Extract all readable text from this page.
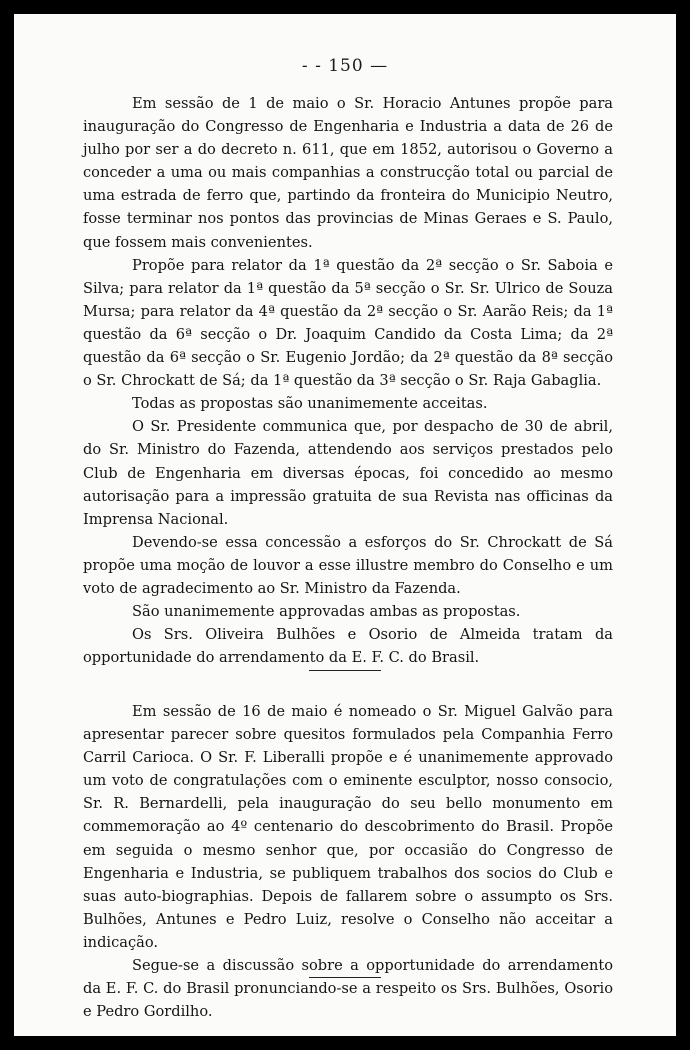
- - 150 —

Em sessão de 1 de maio o Sr. Horacio Antunes propõe para inauguração do Congresso de Engenharia e Industria a data de 26 de julho por ser a do decreto n. 611, que em 1852, autorisou o Governo a conceder a uma ou mais companhias a construcção total ou parcial de uma estrada de ferro que, partindo da fronteira do Municipio Neutro, fosse terminar nos pontos das provincias de Minas Geraes e S. Paulo, que fossem mais convenientes.

Propõe para relator da 1ª questão da 2ª secção o Sr. Saboia e Silva; para relator da 1ª questão da 5ª secção o Sr. Sr. Ulrico de Souza Mursa; para relator da 4ª questão da 2ª secção o Sr. Aarão Reis; da 1ª questão da 6ª secção o Dr. Joaquim Candido da Costa Lima; da 2ª questão da 6ª secção o Sr. Eugenio Jordão; da 2ª questão da 8ª secção o Sr. Chrockatt de Sá; da 1ª questão da 3ª secção o Sr. Raja Gabaglia.

Todas as propostas são unanimemente acceitas.

O Sr. Presidente communica que, por despacho de 30 de abril, do Sr. Ministro do Fazenda, attendendo aos serviços prestados pelo Club de Engenharia em diversas épocas, foi concedido ao mesmo autorisação para a impressão gratuita de sua Revista nas officinas da Imprensa Nacional.

Devendo-se essa concessão a esforços do Sr. Chrockatt de Sá propõe uma moção de louvor a esse illustre membro do Conselho e um voto de agradecimento ao Sr. Ministro da Fazenda.

São unanimemente approvadas ambas as propostas.

Os Srs. Oliveira Bulhões e Osorio de Almeida tratam da opportunidade do arrendamento da E. F. C. do Brasil.

Em sessão de 16 de maio é nomeado o Sr. Miguel Galvão para apresentar parecer sobre quesitos formulados pela Companhia Ferro Carril Carioca. O Sr. F. Liberalli propõe e é unanimemente approvado um voto de congratulações com o eminente esculptor, nosso consocio, Sr. R. Bernardelli, pela inauguração do seu bello monumento em commemoração ao 4º centenario do descobrimento do Brasil. Propõe em seguida o mesmo senhor que, por occasião do Congresso de Engenharia e Industria, se publiquem trabalhos dos socios do Club e suas auto-biographias. Depois de fallarem sobre o assumpto os Srs. Bulhões, Antunes e Pedro Luiz, resolve o Conselho não acceitar a indicação.

Segue-se a discussão sobre a opportunidade do arrendamento da E. F. C. do Brasil pronunciando-se a respeito os Srs. Bulhões, Osorio e Pedro Gordilho.
